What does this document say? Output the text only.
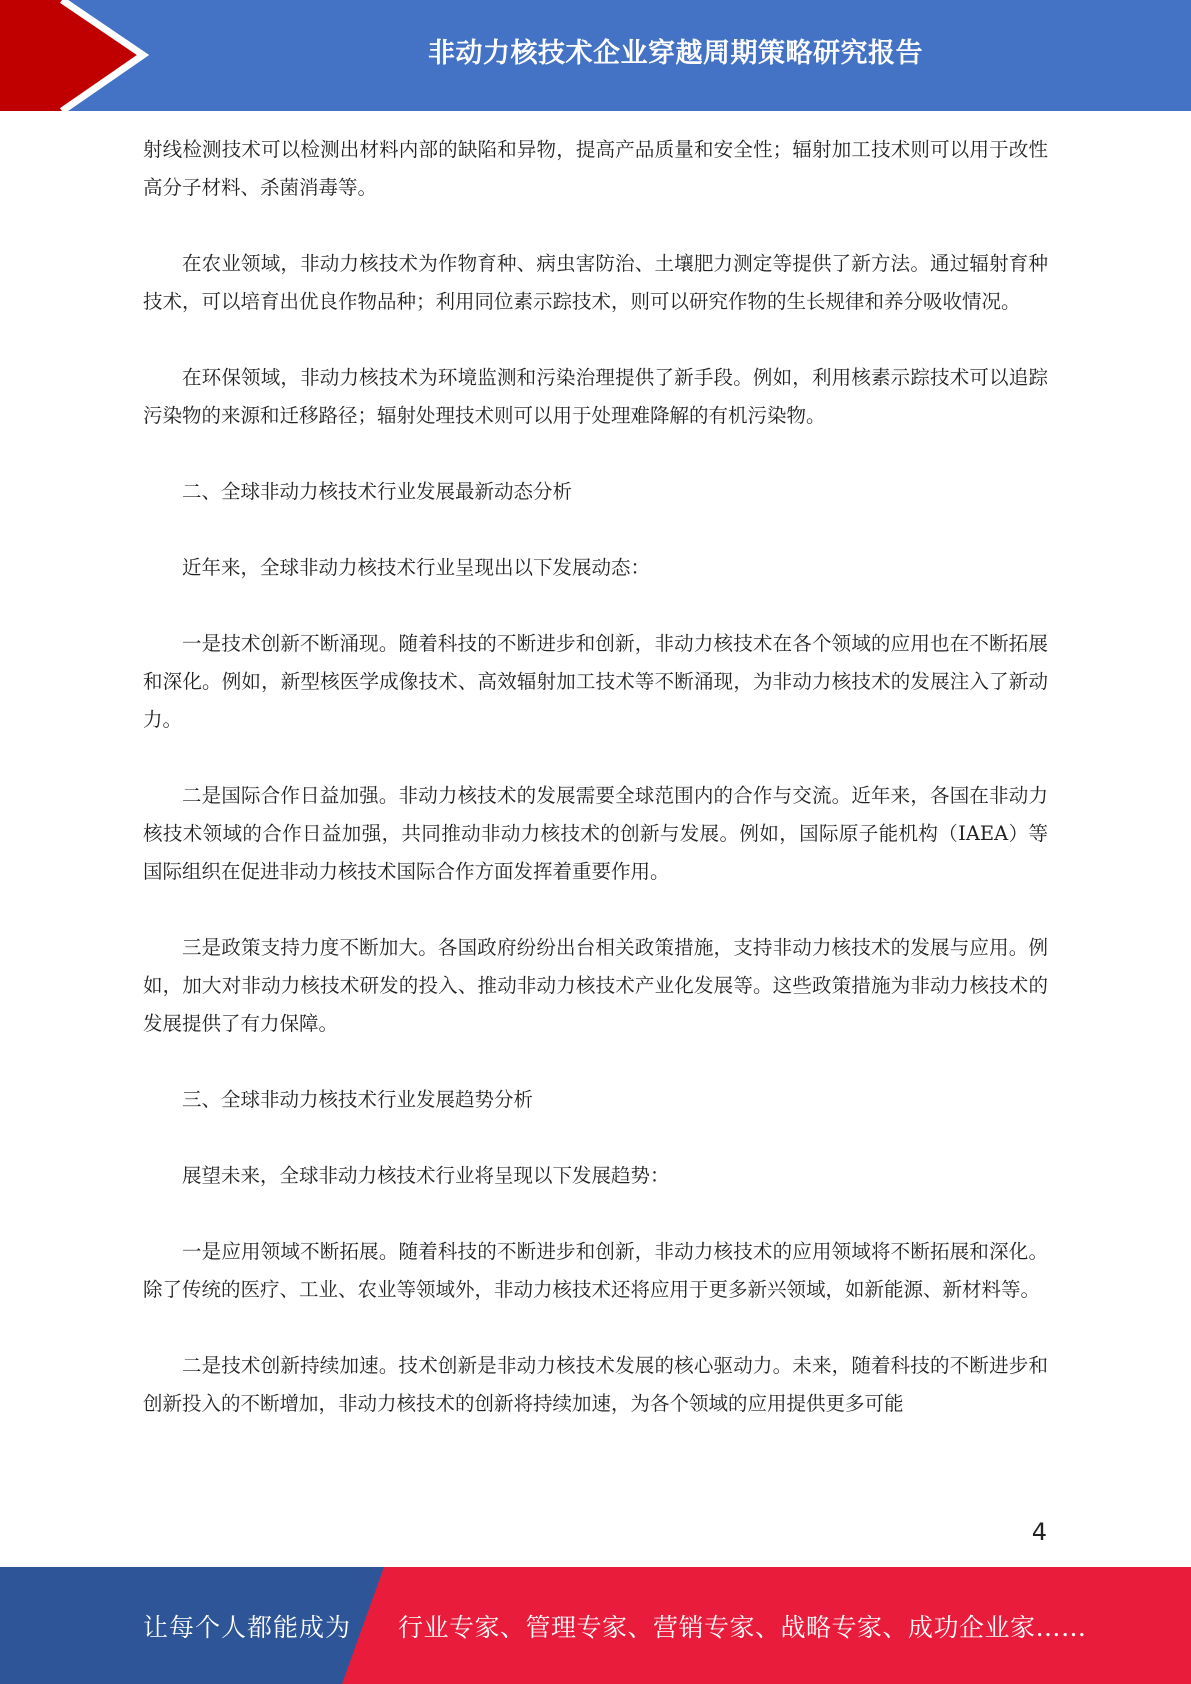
非动力核技术企业穿越周期策略研究报告

射线检测技术可以检测出材料内部的缺陷和异物，提高产品质量和安全性；辐射加工技术则可以用于改性高分子材料、杀菌消毒等。

在农业领域，非动力核技术为作物育种、病虫害防治、土壤肥力测定等提供了新方法。通过辐射育种技术，可以培育出优良作物品种；利用同位素示踪技术，则可以研究作物的生长规律和养分吸收情况。

在环保领域，非动力核技术为环境监测和污染治理提供了新手段。例如，利用核素示踪技术可以追踪污染物的来源和迁移路径；辐射处理技术则可以用于处理难降解的有机污染物。

二、全球非动力核技术行业发展最新动态分析

近年来，全球非动力核技术行业呈现出以下发展动态：

一是技术创新不断涌现。随着科技的不断进步和创新，非动力核技术在各个领域的应用也在不断拓展和深化。例如，新型核医学成像技术、高效辐射加工技术等不断涌现，为非动力核技术的发展注入了新动力。

二是国际合作日益加强。非动力核技术的发展需要全球范围内的合作与交流。近年来，各国在非动力核技术领域的合作日益加强，共同推动非动力核技术的创新与发展。例如，国际原子能机构（IAEA）等国际组织在促进非动力核技术国际合作方面发挥着重要作用。

三是政策支持力度不断加大。各国政府纷纷出台相关政策措施，支持非动力核技术的发展与应用。例如，加大对非动力核技术研发的投入、推动非动力核技术产业化发展等。这些政策措施为非动力核技术的发展提供了有力保障。

三、全球非动力核技术行业发展趋势分析

展望未来，全球非动力核技术行业将呈现以下发展趋势：

一是应用领域不断拓展。随着科技的不断进步和创新，非动力核技术的应用领域将不断拓展和深化。除了传统的医疗、工业、农业等领域外，非动力核技术还将应用于更多新兴领域，如新能源、新材料等。

二是技术创新持续加速。技术创新是非动力核技术发展的核心驱动力。未来，随着科技的不断进步和创新投入的不断增加，非动力核技术的创新将持续加速，为各个领域的应用提供更多可能

4
让每个人都能成为 行业专家、管理专家、营销专家、战略专家、成功企业家……
